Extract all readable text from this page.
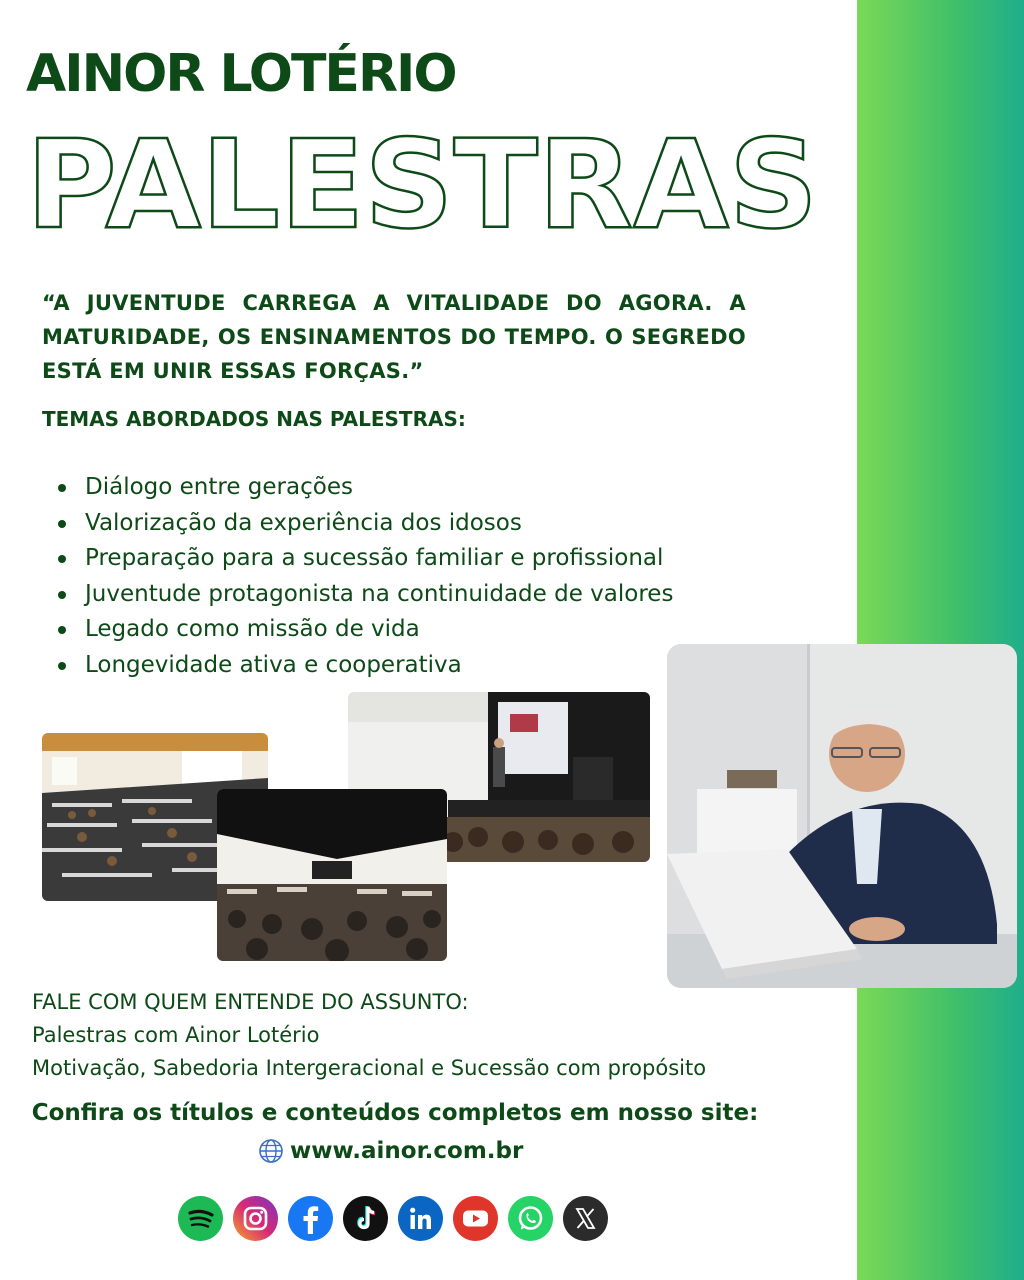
AINOR LOTÉRIO
PALESTRAS
“A JUVENTUDE CARREGA A VITALIDADE DO AGORA. A MATURIDADE, OS ENSINAMENTOS DO TEMPO. O SEGREDO ESTÁ EM UNIR ESSAS FORÇAS.”
TEMAS ABORDADOS NAS PALESTRAS:
Diálogo entre gerações
Valorização da experiência dos idosos
Preparação para a sucessão familiar e profissional
Juventude protagonista na continuidade de valores
Legado como missão de vida
Longevidade ativa e cooperativa
FALE COM QUEM ENTENDE DO ASSUNTO:
Palestras com Ainor Lotério
Motivação, Sabedoria Intergeracional e Sucessão com propósito
Confira os títulos e conteúdos completos em nosso site:
www.ainor.com.br
